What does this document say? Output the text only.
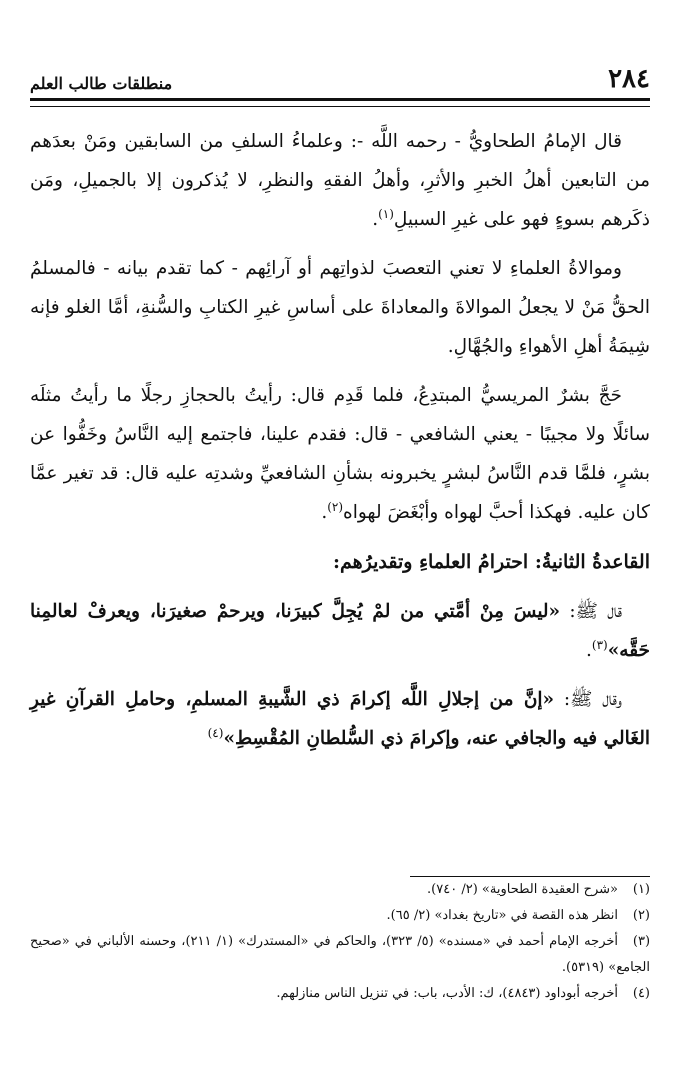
٢٨٤
منطلقات طالب العلم

قال الإمامُ الطحاويُّ - رحمه اللَّه -: وعلماءُ السلفِ من السابقين ومَنْ بعدَهم من التابعين أهلُ الخبرِ والأثرِ، وأهلُ الفقهِ والنظرِ، لا يُذكرون إلا بالجميلِ، ومَن ذكَرهم بسوءٍ فهو على غيرِ السبيلِ$^{(١)}$.

وموالاةُ العلماءِ لا تعني التعصبَ لذواتِهم أو آرائِهم - كما تقدم بيانه - فالمسلمُ الحقُّ مَنْ لا يجعلُ الموالاةَ والمعاداةَ على أساسِ غيرِ الكتابِ والسُّنةِ، أمَّا الغلو فإنه شِيمَةُ أهلِ الأهواءِ والجُهَّالِ.

حَجَّ بشرٌ المريسيُّ المبتدِعُ، فلما قَدِم قال: رأيتُ بالحجازِ رجلًا ما رأيتُ مثلَه سائلًا ولا مجيبًا - يعني الشافعي - قال: فقدم علينا، فاجتمع إليه النَّاسُ وخَفُّوا عن بشرٍ، فلمَّا قدم النَّاسُ لبشرٍ يخبرونه بشأنِ الشافعيِّ وشدتِه عليه قال: قد تغير عمَّا كان عليه. فهكذا أحبَّ لهواه وأبْغَضَ لهواه$^{(٢)}$.

القاعدةُ الثانيةُ: احترامُ العلماءِ وتقديرُهم:

قال ﷺ: «ليسَ مِنْ أمَّتي من لمْ يُجِلَّ كبيرَنا، ويرحمْ صغيرَنا، ويعرفْ لعالمِنا حَقَّه»$^{(٣)}$.

وقال ﷺ: «إنَّ من إجلالِ اللَّه إكرامَ ذي الشَّيبةِ المسلمِ، وحاملِ القرآنِ غيرِ الغَالي فيه والجافي عنه، وإكرامَ ذي السُّلطانِ المُقْسِطِ»$^{(٤)}$

(١)«شرح العقيدة الطحاوية» (٢/ ٧٤٠).

(٢)انظر هذه القصة في «تاريخ بغداد» (٢/ ٦٥).

(٣)أخرجه الإمام أحمد في «مسنده» (٥/ ٣٢٣)، والحاكم في «المستدرك» (١/ ٢١١)، وحسنه الألباني في «صحيح الجامع» (٥٣١٩).

(٤)أخرجه أبوداود (٤٨٤٣)، ك: الأدب، باب: في تنزيل الناس منازلهم.
